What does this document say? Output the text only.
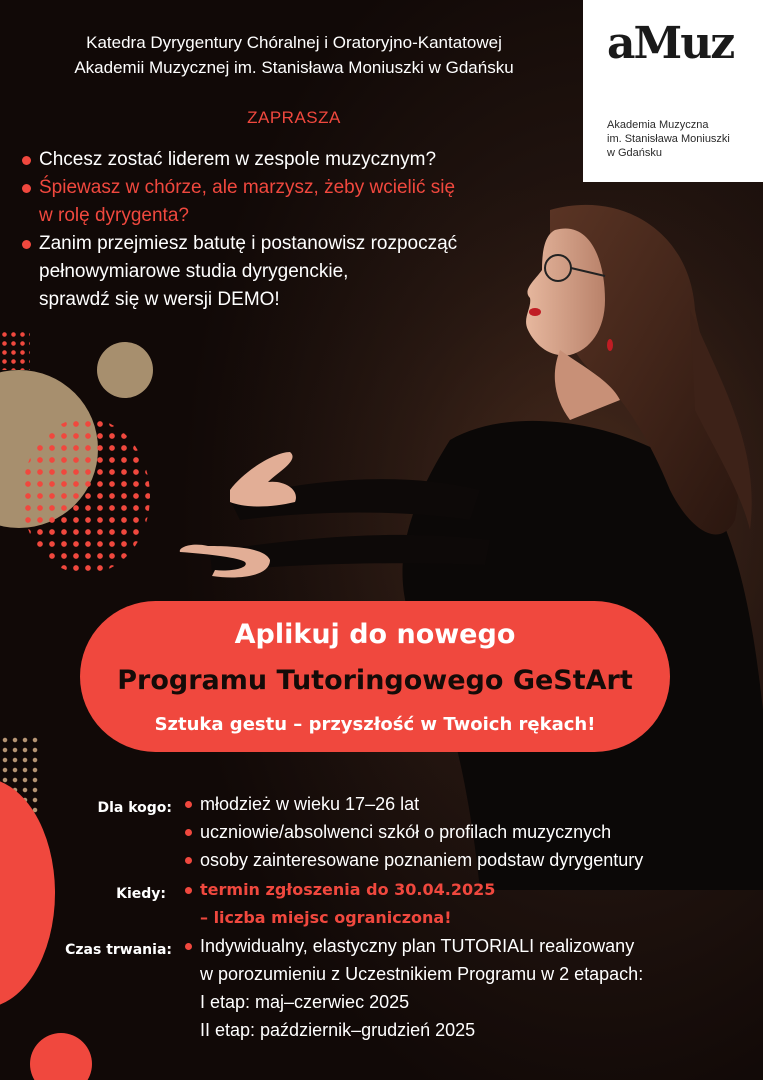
aMuz
Akademia Muzyczna
im. Stanisława Moniuszki
w Gdańsku
Katedra Dyrygentury Chóralnej i Oratoryjno-Kantatowej
Akademii Muzycznej im. Stanisława Moniuszki w Gdańsku
ZAPRASZA
Chcesz zostać liderem w zespole muzycznym?
Śpiewasz w chórze, ale marzysz, żeby wcielić się
w rolę dyrygenta?
Zanim przejmiesz batutę i postanowisz rozpocząć
pełnowymiarowe studia dyrygenckie,
sprawdź się w wersji DEMO!
Aplikuj do nowego
Programu Tutoringowego GeStArt
Sztuka gestu – przyszłość w Twoich rękach!
Dla kogo: młodzież w wieku 17–26 lat
uczniowie/absolwenci szkół o profilach muzycznych
osoby zainteresowane poznaniem podstaw dyrygentury
Kiedy: termin zgłoszenia do 30.04.2025
– liczba miejsc ograniczona!
Czas trwania: Indywidualny, elastyczny plan TUTORIALI realizowany
w porozumieniu z Uczestnikiem Programu w 2 etapach:
I etap: maj–czerwiec 2025
II etap: październik–grudzień 2025
